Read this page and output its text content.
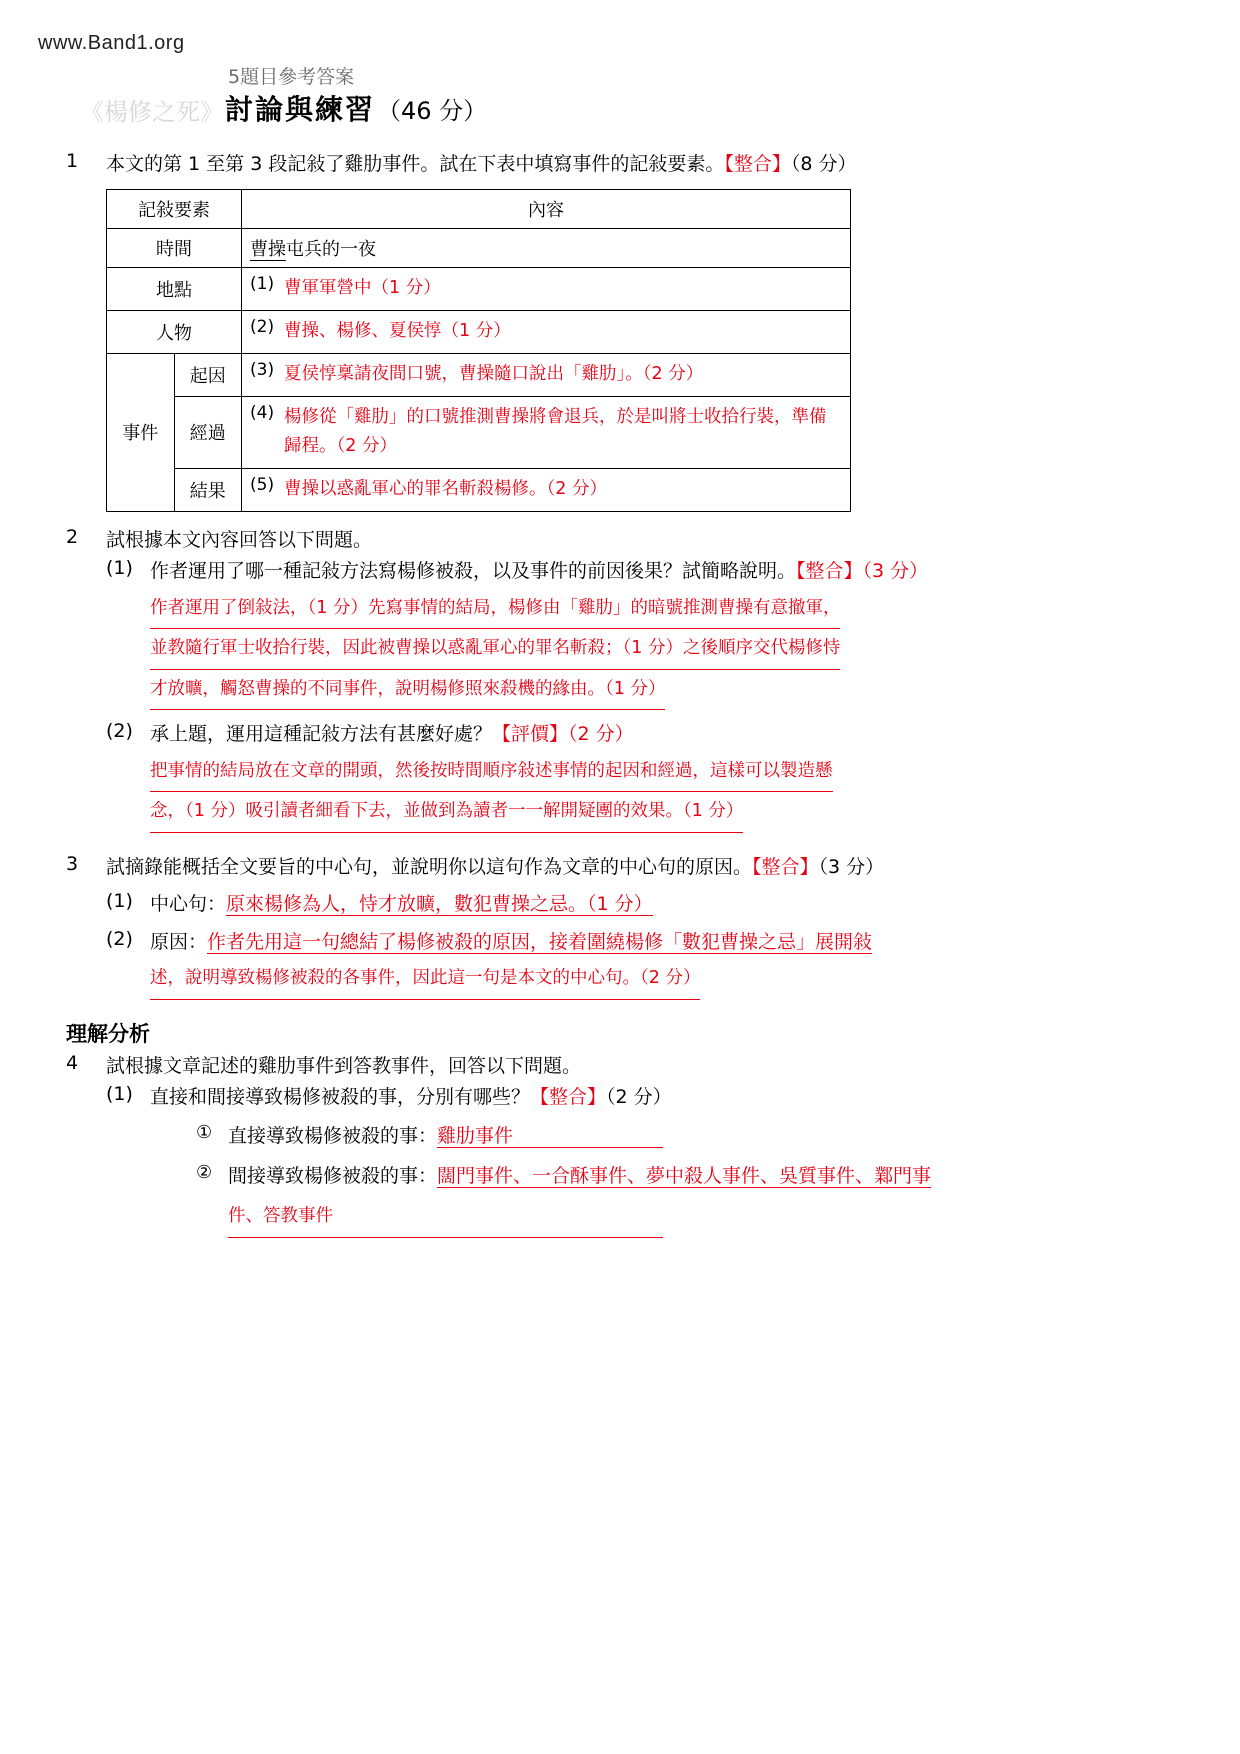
www.Band1.org
5題目參考答案
《楊修之死》 討論與練習 （46 分）
1	本文的第 1 至第 3 段記敍了雞肋事件。試在下表中填寫事件的記敍要素。【整合】（8 分）
記敍要素		內容
時間		曹操屯兵的一夜
地點		(1) 曹軍軍營中（1 分）

人物		(2) 曹操、楊修、夏侯惇（1 分）

事件	起因	(3) 夏侯惇稟請夜間口號，曹操隨口說出「雞肋」。（2 分）

	經過	(4) 楊修從「雞肋」的口號推測曹操將會退兵，於是叫將士收拾行裝，準備歸程。（2 分）

	結果	(5) 曹操以惑亂軍心的罪名斬殺楊修。（2 分）
2	試根據本文內容回答以下問題。
(1) 作者運用了哪一種記敍方法寫楊修被殺，以及事件的前因後果？試簡略說明。【整合】（3 分）
作者運用了倒敍法，（1 分）先寫事情的結局，楊修由「雞肋」的暗號推測曹操有意撤軍，
並教隨行軍士收拾行裝，因此被曹操以惑亂軍心的罪名斬殺；（1 分）之後順序交代楊修恃
才放曠，觸怒曹操的不同事件，說明楊修照來殺機的緣由。（1 分）
(2) 承上題，運用這種記敍方法有甚麼好處？【評價】（2 分）
把事情的結局放在文章的開頭，然後按時間順序敍述事情的起因和經過，這樣可以製造懸
念，（1 分）吸引讀者細看下去，並做到為讀者一一解開疑團的效果。（1 分）
3	試摘錄能概括全文要旨的中心句，並說明你以這句作為文章的中心句的原因。【整合】（3 分）
(1) 中心句：原來楊修為人，恃才放曠，數犯曹操之忌。（1 分）
(2) 原因：作者先用這一句總結了楊修被殺的原因，接着圍繞楊修「數犯曹操之忌」展開敍
述，說明導致楊修被殺的各事件，因此這一句是本文的中心句。（2 分）
理解分析
4	試根據文章記述的雞肋事件到答教事件，回答以下問題。
(1) 直接和間接導致楊修被殺的事，分別有哪些？【整合】（2 分）
① 直接導致楊修被殺的事：雞肋事件
② 間接導致楊修被殺的事：闊門事件、一合酥事件、夢中殺人事件、吳質事件、鄴門事
件、答教事件
